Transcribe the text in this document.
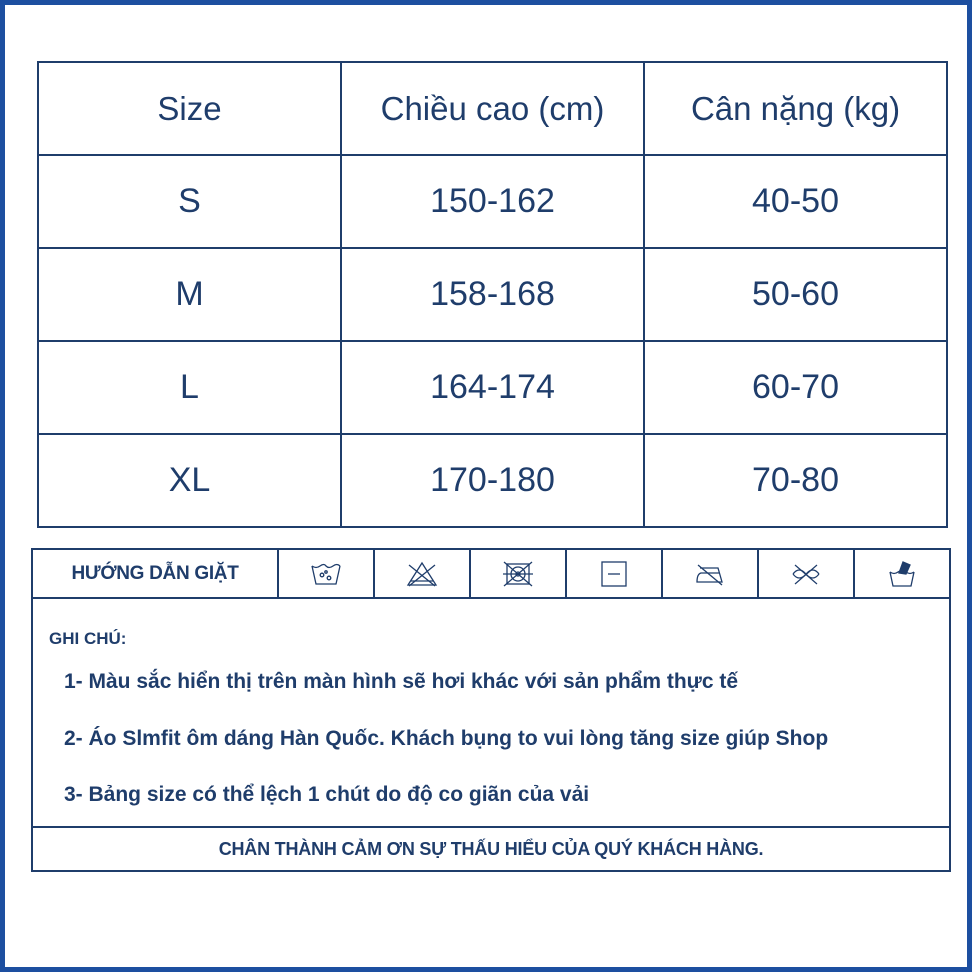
Size	Chiều cao (cm)	Cân nặng (kg)
S	150-162	40-50
M	158-168	50-60
L	164-174	60-70
XL	170-180	70-80
HƯỚNG DẪN GIẶT
GHI CHÚ:
1- Màu sắc hiển thị trên màn hình sẽ hơi khác với sản phẩm thực tế
2- Áo Slmfit ôm dáng Hàn Quốc. Khách bụng to vui lòng tăng size giúp Shop
3- Bảng size có thể lệch 1 chút do độ co giãn của vải
CHÂN THÀNH CẢM ƠN SỰ THẤU HIỂU CỦA QUÝ KHÁCH HÀNG.
